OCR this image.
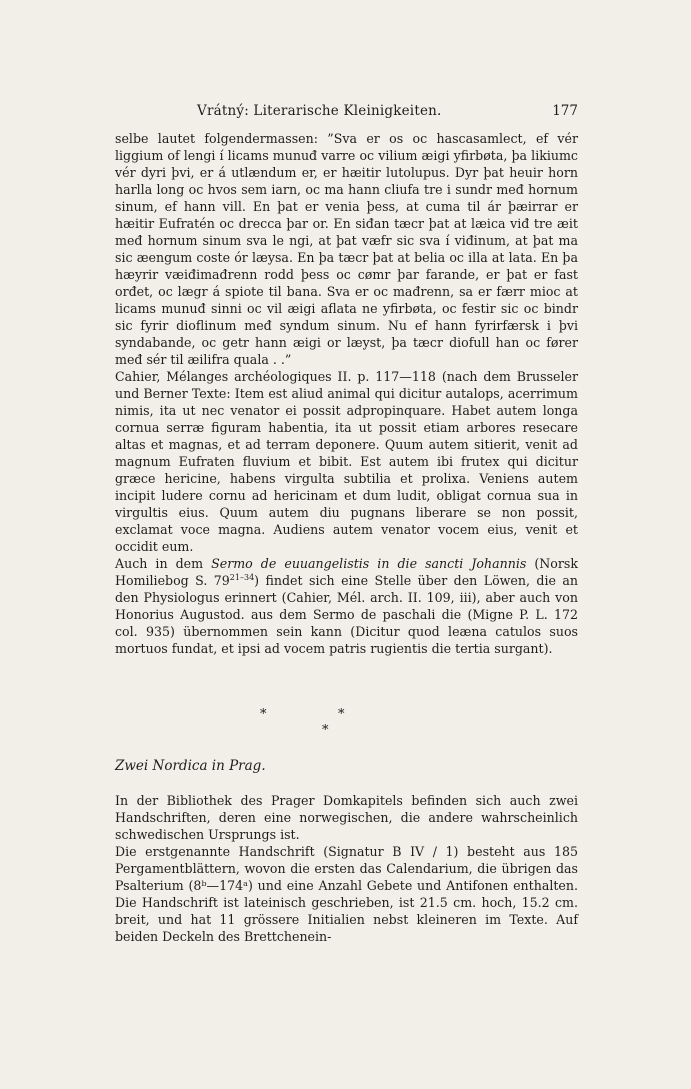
Vrátný: Literarische Kleinigkeiten.	177

selbe lautet folgendermassen: ”Sva er os oc hascasamlect, ef vér liggium of lengi í licams munuđ varre oc vilium æigi yfirbøta, þa likiumc vér dyri þvi, er á utlændum er, er hæitir lutolupus. Dyr þat heuir horn harlla long oc hvos sem iarn, oc ma hann cliufa tre i sundr međ hornum sinum, ef hann vill. En þat er venia þess, at cuma til ár þæirrar er hæitir Eufratén oc drecca þar or. En siđan tæcr þat at læica viđ tre æit međ hornum sinum sva le ngi, at þat væfr sic sva í viđinum, at þat ma sic æengum coste ór læysa. En þa tæcr þat at belia oc illa at lata. En þa hæyrir væiđimađrenn rodd þess oc cømr þar farande, er þat er fast orđet, oc lægr á spiote til bana. Sva er oc mađrenn, sa er færr mioc at licams munuđ sinni oc vil æigi aflata ne yfirbøta, oc festir sic oc bindr sic fyrir dioflinum međ syndum sinum. Nu ef hann fyrirfærsk i þvi syndabande, oc getr hann æigi or læyst, þa tæcr diofull han oc fører međ sér til æilifra quala . .”

Cahier, Mélanges archéologiques II. p. 117—118 (nach dem Brusseler und Berner Texte: Item est aliud animal qui dicitur autalops, acerrimum nimis, ita ut nec venator ei possit adpropinquare. Habet autem longa cornua serræ figuram habentia, ita ut possit etiam arbores resecare altas et magnas, et ad terram deponere. Quum autem sitierit, venit ad magnum Eufraten fluvium et bibit. Est autem ibi frutex qui dicitur græce hericine, habens virgulta subtilia et prolixa. Veniens autem incipit ludere cornu ad hericinam et dum ludit, obligat cornua sua in virgultis eius. Quum autem diu pugnans liberare se non possit, exclamat voce magna. Audiens autem venator vocem eius, venit et occidit eum.

Auch in dem Sermo de euuangelistis in die sancti Johannis (Norsk Homiliebog S. 79$^{21-34}$) findet sich eine Stelle über den Löwen, die an den Physiologus erinnert (Cahier, Mél. arch. II. 109, iii), aber auch von Honorius Augustod. aus dem Sermo de paschali die (Migne P. L. 172 col. 935) übernommen sein kann (Dicitur quod leæna catulos suos mortuos fundat, et ipsi ad vocem patris rugientis die tertia surgant).

*	*
*
Zwei Nordica in Prag.

In der Bibliothek des Prager Domkapitels befinden sich auch zwei Handschriften, deren eine norwegischen, die andere wahrscheinlich schwedischen Ursprungs ist.

Die erstgenannte Handschrift (Signatur B IV / 1) besteht aus 185 Pergamentblättern, wovon die ersten das Calendarium, die übrigen das Psalterium (8ᵇ—174ᵃ) und eine Anzahl Gebete und Antifonen enthalten. Die Handschrift ist lateinisch geschrieben, ist 21.5 cm. hoch, 15.2 cm. breit, und hat 11 grössere Initialien nebst kleineren im Texte. Auf beiden Deckeln des Brettchenein-
